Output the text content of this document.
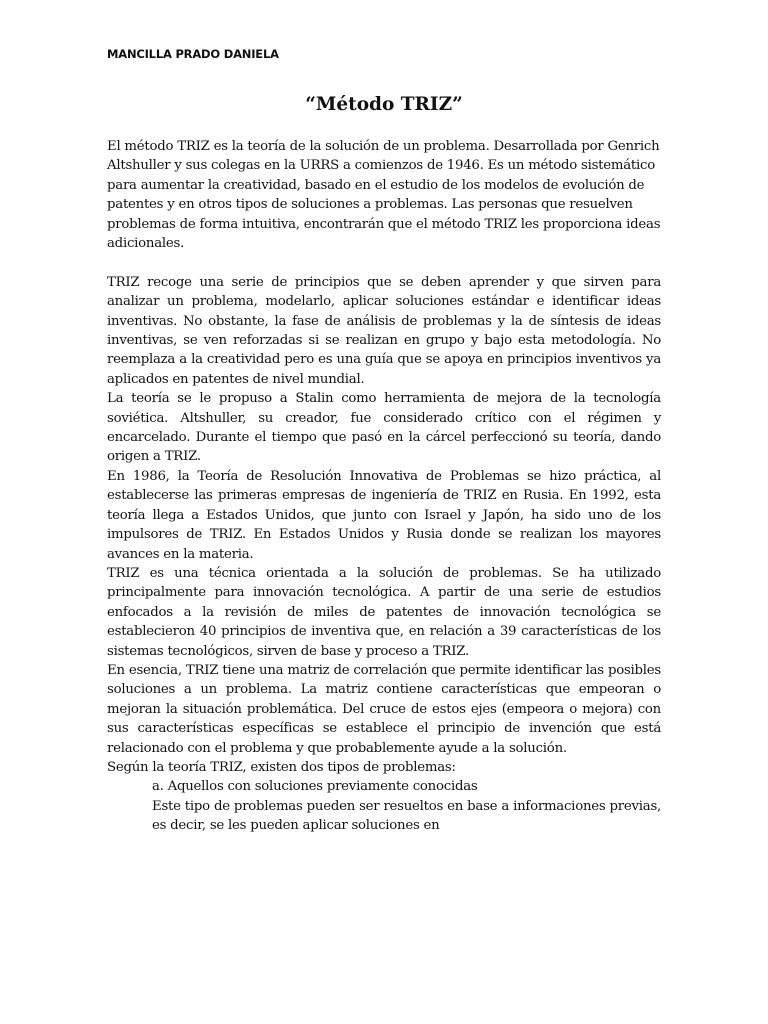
MANCILLA PRADO DANIELA
“Método TRIZ”

El método TRIZ es la teoría de la solución de un problema. Desarrollada por Genrich Altshuller y sus colegas en la URRS a comienzos de 1946. Es un método sistemático para aumentar la creatividad, basado en el estudio de los modelos de evolución de patentes y en otros tipos de soluciones a problemas. Las personas que resuelven problemas de forma intuitiva, encontrarán que el método TRIZ les proporciona ideas adicionales.

TRIZ recoge una serie de principios que se deben aprender y que sirven para analizar un problema, modelarlo, aplicar soluciones estándar e identificar ideas inventivas. No obstante, la fase de análisis de problemas y la de síntesis de ideas inventivas, se ven reforzadas si se realizan en grupo y bajo esta metodología. No reemplaza a la creatividad pero es una guía que se apoya en principios inventivos ya aplicados en patentes de nivel mundial.

La teoría se le propuso a Stalin como herramienta de mejora de la tecnología soviética. Altshuller, su creador, fue considerado crítico con el régimen y encarcelado. Durante el tiempo que pasó en la cárcel perfeccionó su teoría, dando origen a TRIZ.

En 1986, la Teoría de Resolución Innovativa de Problemas se hizo práctica, al establecerse las primeras empresas de ingeniería de TRIZ en Rusia. En 1992, esta teoría llega a Estados Unidos, que junto con Israel y Japón, ha sido uno de los impulsores de TRIZ. En Estados Unidos y Rusia donde se realizan los mayores avances en la materia.

TRIZ es una técnica orientada a la solución de problemas. Se ha utilizado principalmente para innovación tecnológica. A partir de una serie de estudios enfocados a la revisión de miles de patentes de innovación tecnológica se establecieron 40 principios de inventiva que, en relación a 39 características de los sistemas tecnológicos, sirven de base y proceso a TRIZ.

En esencia, TRIZ tiene una matriz de correlación que permite identificar las posibles soluciones a un problema. La matriz contiene características que empeoran o mejoran la situación problemática. Del cruce de estos ejes (empeora o mejora) con sus características específicas se establece el principio de invención que está relacionado con el problema y que probablemente ayude a la solución.

Según la teoría TRIZ, existen dos tipos de problemas:

a. Aquellos con soluciones previamente conocidas

Este tipo de problemas pueden ser resueltos en base a informaciones previas, es decir, se les pueden aplicar soluciones en
